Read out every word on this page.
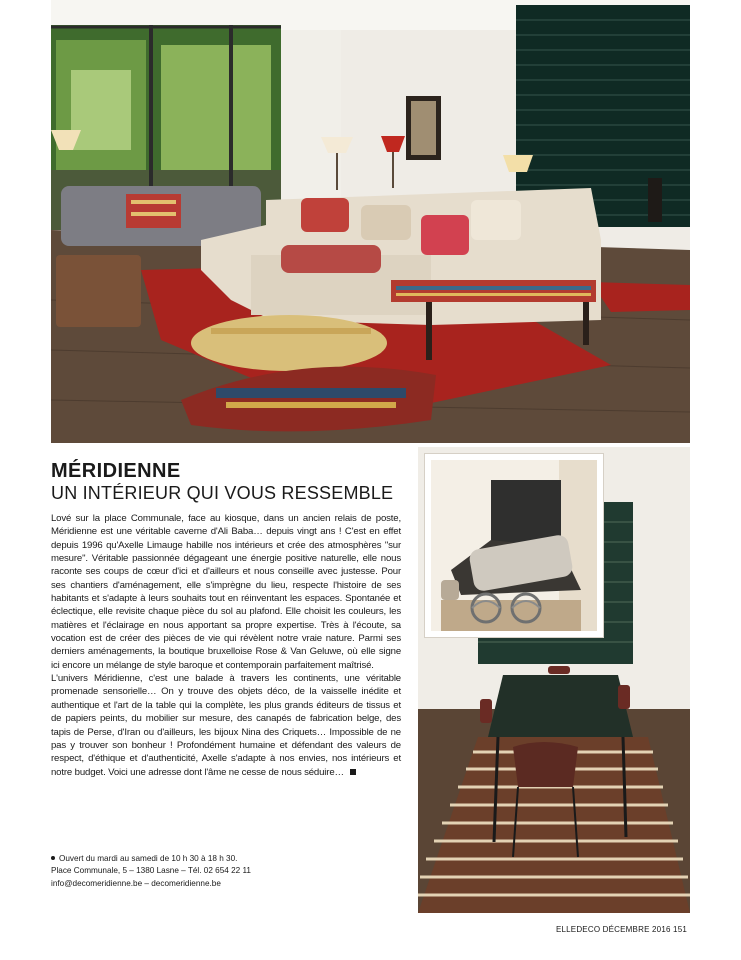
MÉRIDIENNE
UN INTÉRIEUR QUI VOUS RESSEMBLE

Lové sur la place Communale, face au kiosque, dans un ancien relais de poste, Méridienne est une véritable caverne d'Ali Baba… depuis vingt ans ! C'est en effet depuis 1996 qu'Axelle Limauge habille nos intérieurs et crée des atmosphères "sur mesure". Véritable passionnée dégageant une énergie positive naturelle, elle nous raconte ses coups de cœur d'ici et d'ailleurs et nous conseille avec justesse. Pour ses chantiers d'aménagement, elle s'imprègne du lieu, respecte l'histoire de ses habitants et s'adapte à leurs souhaits tout en réinventant les espaces. Spontanée et éclectique, elle revisite chaque pièce du sol au plafond. Elle choisit les couleurs, les matières et l'éclairage en nous apportant sa propre expertise. Très à l'écoute, sa vocation est de créer des pièces de vie qui révèlent notre vraie nature. Parmi ses derniers aménagements, la boutique bruxelloise Rose & Van Geluwe, où elle signe ici encore un mélange de style baroque et contemporain parfaitement maîtrisé.

L'univers Méridienne, c'est une balade à travers les continents, une véritable promenade sensorielle… On y trouve des objets déco, de la vaisselle inédite et authentique et l'art de la table qui la complète, les plus grands éditeurs de tissus et de papiers peints, du mobilier sur mesure, des canapés de fabrication belge, des tapis de Perse, d'Iran ou d'ailleurs, les bijoux Nina des Criquets… Impossible de ne pas y trouver son bonheur ! Profondément humaine et défendant des valeurs de respect, d'éthique et d'authenticité, Axelle s'adapte à nos envies, nos intérieurs et notre budget. Voici une adresse dont l'âme ne cesse de nous séduire…

Ouvert du mardi au samedi de 10 h 30 à 18 h 30.
Place Communale, 5 – 1380 Lasne – Tél. 02 654 22 11
info@decomeridienne.be – decomeridienne.be
ELLEDECO DÉCEMBRE 2016 151
